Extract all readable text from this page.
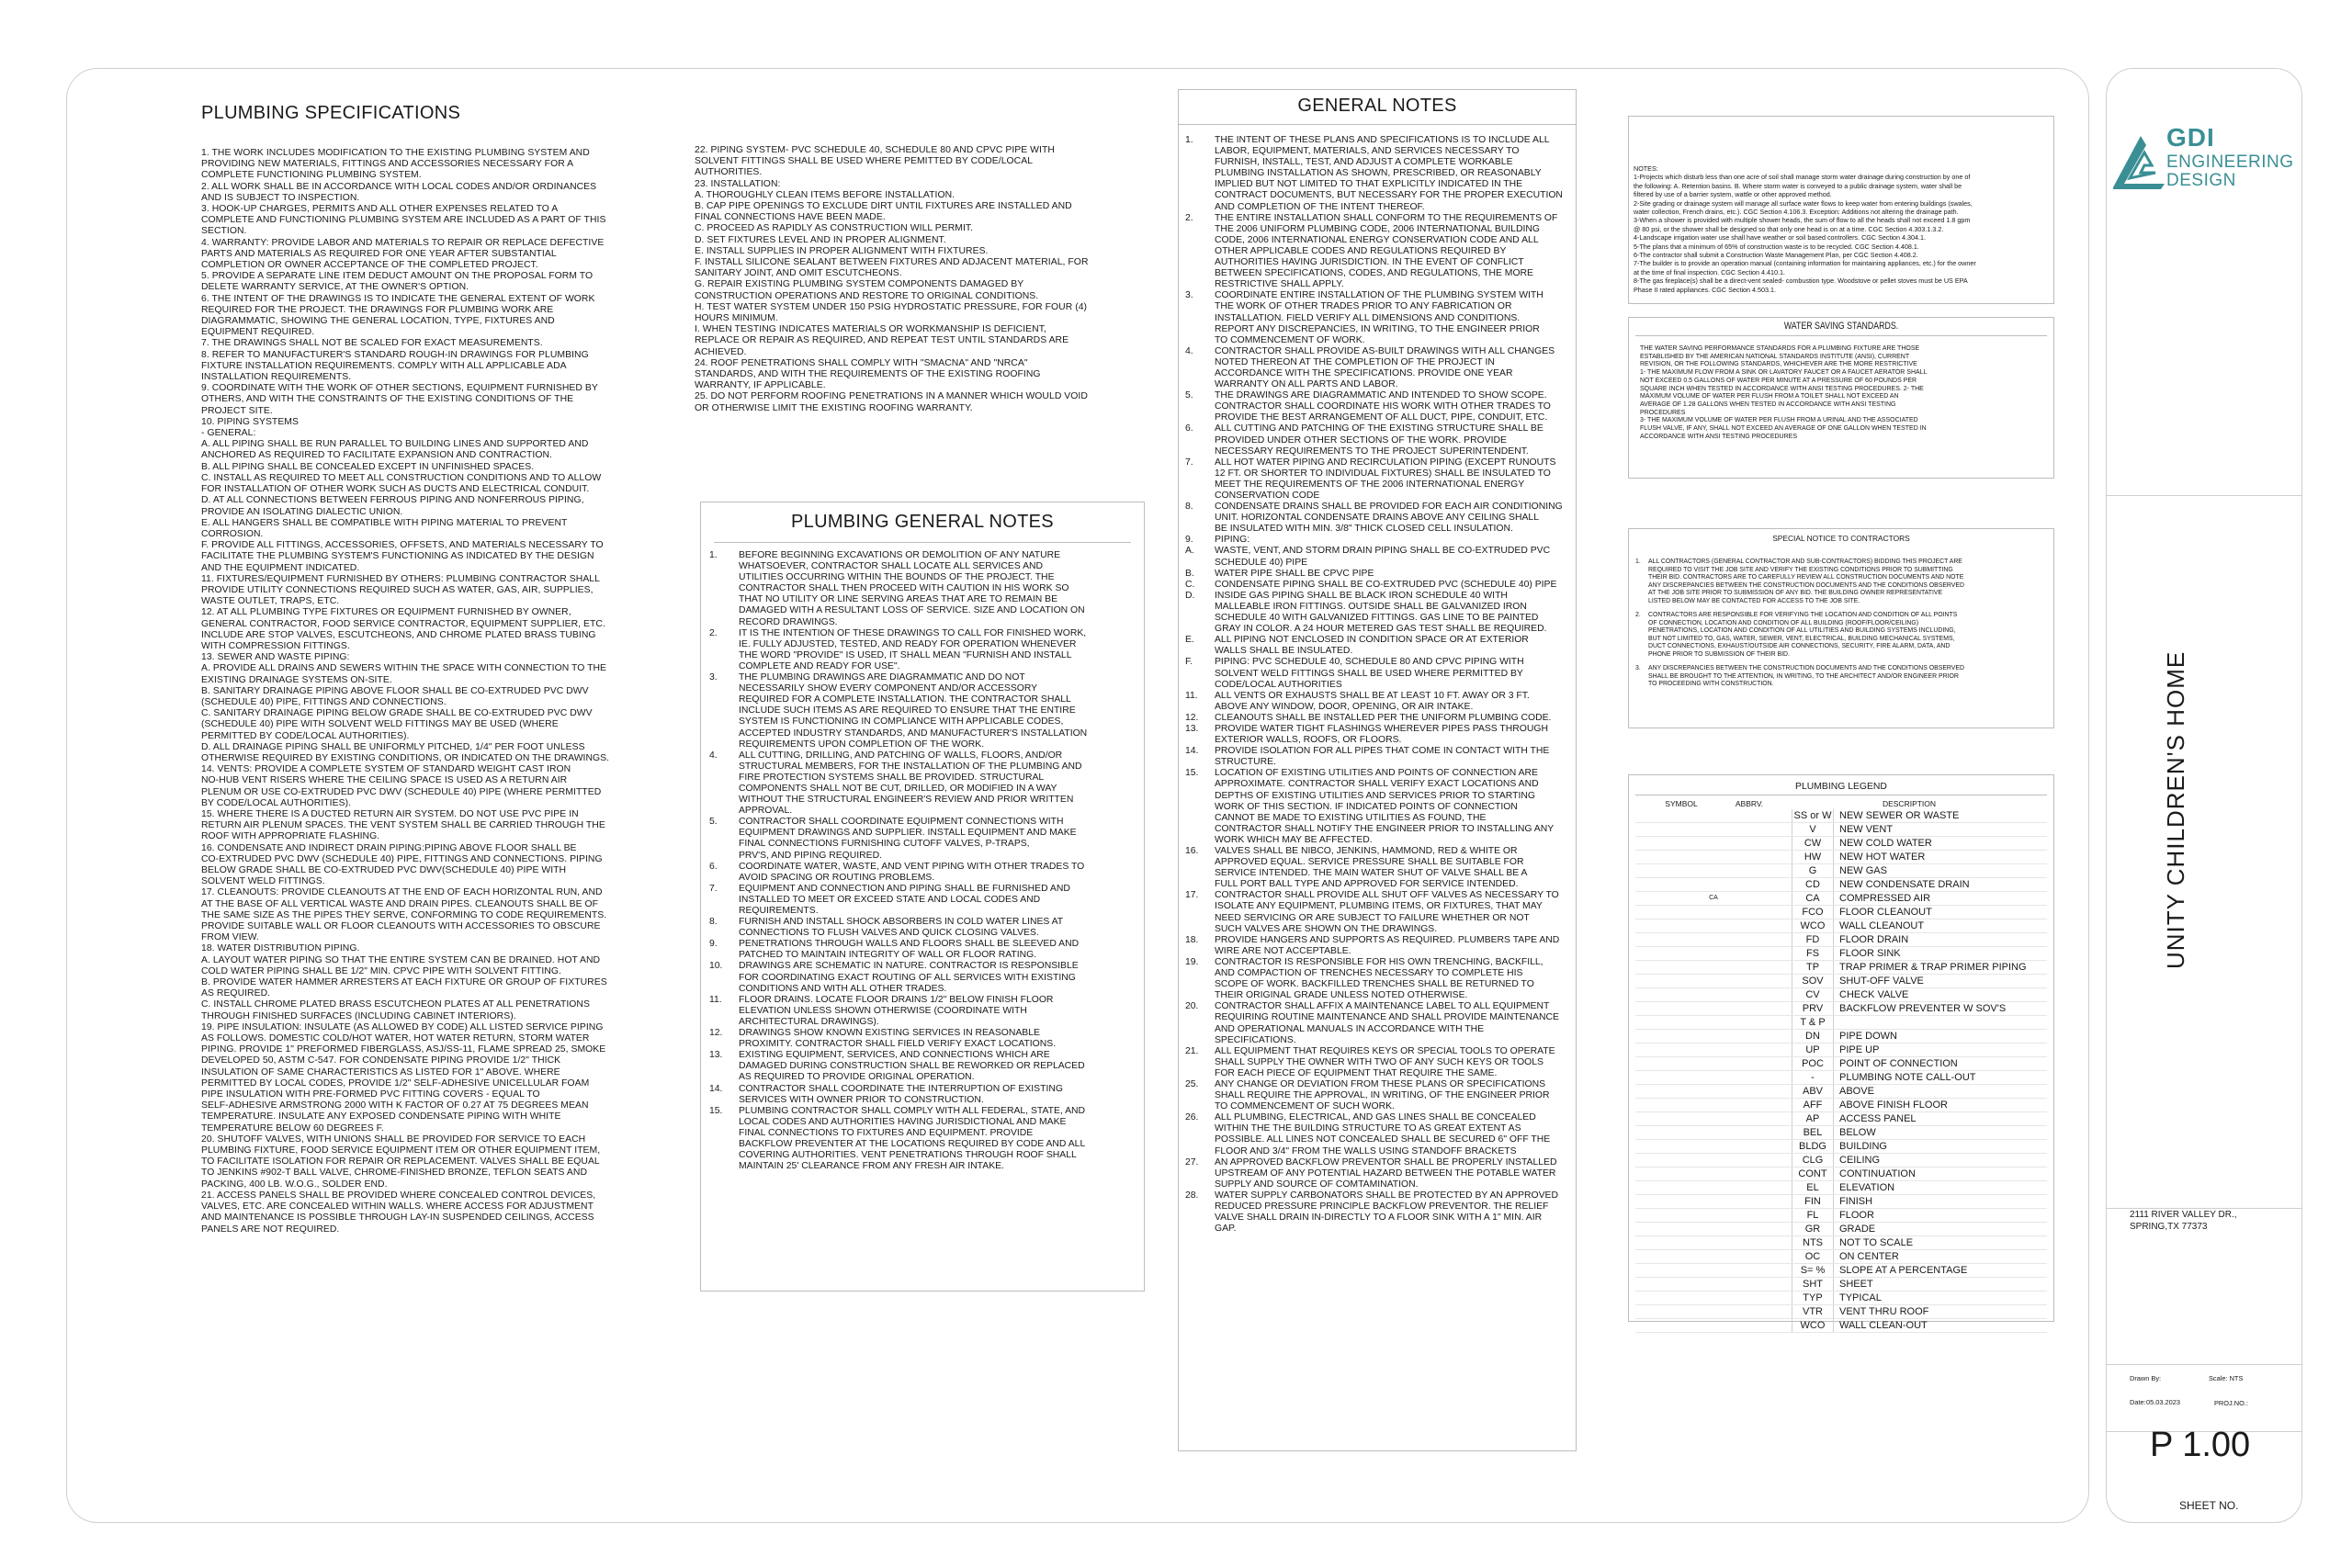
PLUMBING SPECIFICATIONS

1. THE WORK INCLUDES MODIFICATION TO THE EXISTING PLUMBING SYSTEM AND

PROVIDING NEW MATERIALS, FITTINGS AND ACCESSORIES NECESSARY FOR A

COMPLETE FUNCTIONING PLUMBING SYSTEM.

2. ALL WORK SHALL BE IN ACCORDANCE WITH LOCAL CODES AND/OR ORDINANCES

AND IS SUBJECT TO INSPECTION.

3. HOOK-UP CHARGES, PERMITS AND ALL OTHER EXPENSES RELATED TO A

COMPLETE AND FUNCTIONING PLUMBING SYSTEM ARE INCLUDED AS A PART OF THIS

SECTION.

4. WARRANTY: PROVIDE LABOR AND MATERIALS TO REPAIR OR REPLACE DEFECTIVE

PARTS AND MATERIALS AS REQUIRED FOR ONE YEAR AFTER SUBSTANTIAL

COMPLETION OR OWNER ACCEPTANCE OF THE COMPLETED PROJECT.

5. PROVIDE A SEPARATE LINE ITEM DEDUCT AMOUNT ON THE PROPOSAL FORM TO

DELETE WARRANTY SERVICE, AT THE OWNER'S OPTION.

6. THE INTENT OF THE DRAWINGS IS TO INDICATE THE GENERAL EXTENT OF WORK

REQUIRED FOR THE PROJECT. THE DRAWINGS FOR PLUMBING WORK ARE

DIAGRAMMATIC, SHOWING THE GENERAL LOCATION, TYPE, FIXTURES AND

EQUIPMENT REQUIRED.

7. THE DRAWINGS SHALL NOT BE SCALED FOR EXACT MEASUREMENTS.

8. REFER TO MANUFACTURER'S STANDARD ROUGH-IN DRAWINGS FOR PLUMBING

FIXTURE INSTALLATION REQUIREMENTS. COMPLY WITH ALL APPLICABLE ADA

INSTALLATION REQUIREMENTS.

9. COORDINATE WITH THE WORK OF OTHER SECTIONS, EQUIPMENT FURNISHED BY

OTHERS, AND WITH THE CONSTRAINTS OF THE EXISTING CONDITIONS OF THE

PROJECT SITE.

10. PIPING SYSTEMS

- GENERAL:

A. ALL PIPING SHALL BE RUN PARALLEL TO BUILDING LINES AND SUPPORTED AND

ANCHORED AS REQUIRED TO FACILITATE EXPANSION AND CONTRACTION.

B. ALL PIPING SHALL BE CONCEALED EXCEPT IN UNFINISHED SPACES.

C. INSTALL AS REQUIRED TO MEET ALL CONSTRUCTION CONDITIONS AND TO ALLOW

FOR INSTALLATION OF OTHER WORK SUCH AS DUCTS AND ELECTRICAL CONDUIT.

D. AT ALL CONNECTIONS BETWEEN FERROUS PIPING AND NONFERROUS PIPING,

PROVIDE AN ISOLATING DIALECTIC UNION.

E. ALL HANGERS SHALL BE COMPATIBLE WITH PIPING MATERIAL TO PREVENT

CORROSION.

F. PROVIDE ALL FITTINGS, ACCESSORIES, OFFSETS, AND MATERIALS NECESSARY TO

FACILITATE THE PLUMBING SYSTEM'S FUNCTIONING AS INDICATED BY THE DESIGN

AND THE EQUIPMENT INDICATED.

11. FIXTURES/EQUIPMENT FURNISHED BY OTHERS: PLUMBING CONTRACTOR SHALL

PROVIDE UTILITY CONNECTIONS REQUIRED SUCH AS WATER, GAS, AIR, SUPPLIES,

WASTE OUTLET, TRAPS, ETC.

12. AT ALL PLUMBING TYPE FIXTURES OR EQUIPMENT FURNISHED BY OWNER,

GENERAL CONTRACTOR, FOOD SERVICE CONTRACTOR, EQUIPMENT SUPPLIER, ETC.

INCLUDE ARE STOP VALVES, ESCUTCHEONS, AND CHROME PLATED BRASS TUBING

WITH COMPRESSION FITTINGS.

13. SEWER AND WASTE PIPING:

A. PROVIDE ALL DRAINS AND SEWERS WITHIN THE SPACE WITH CONNECTION TO THE

EXISTING DRAINAGE SYSTEMS ON-SITE.

B. SANITARY DRAINAGE PIPING ABOVE FLOOR SHALL BE CO-EXTRUDED PVC DWV

(SCHEDULE 40) PIPE, FITTINGS AND CONNECTIONS.

C. SANITARY DRAINAGE PIPING BELOW GRADE SHALL BE CO-EXTRUDED PVC DWV

(SCHEDULE 40) PIPE WITH SOLVENT WELD FITTINGS MAY BE USED (WHERE

PERMITTED BY CODE/LOCAL AUTHORITIES).

D. ALL DRAINAGE PIPING SHALL BE UNIFORMLY PITCHED, 1/4" PER FOOT UNLESS

OTHERWISE REQUIRED BY EXISTING CONDITIONS, OR INDICATED ON THE DRAWINGS.

14. VENTS: PROVIDE A COMPLETE SYSTEM OF STANDARD WEIGHT CAST IRON

NO-HUB VENT RISERS WHERE THE CEILING SPACE IS USED AS A RETURN AIR

PLENUM OR USE CO-EXTRUDED PVC DWV (SCHEDULE 40) PIPE (WHERE PERMITTED

BY CODE/LOCAL AUTHORITIES).

15. WHERE THERE IS A DUCTED RETURN AIR SYSTEM. DO NOT USE PVC PIPE IN

RETURN AIR PLENUM SPACES. THE VENT SYSTEM SHALL BE CARRIED THROUGH THE

ROOF WITH APPROPRIATE FLASHING.

16. CONDENSATE AND INDIRECT DRAIN PIPING:PIPING ABOVE FLOOR SHALL BE

CO-EXTRUDED PVC DWV (SCHEDULE 40) PIPE, FITTINGS AND CONNECTIONS. PIPING

BELOW GRADE SHALL BE CO-EXTRUDED PVC DWV(SCHEDULE 40) PIPE WITH

SOLVENT WELD FITTINGS.

17. CLEANOUTS: PROVIDE CLEANOUTS AT THE END OF EACH HORIZONTAL RUN, AND

AT THE BASE OF ALL VERTICAL WASTE AND DRAIN PIPES. CLEANOUTS SHALL BE OF

THE SAME SIZE AS THE PIPES THEY SERVE, CONFORMING TO CODE REQUIREMENTS.

PROVIDE SUITABLE WALL OR FLOOR CLEANOUTS WITH ACCESSORIES TO OBSCURE

FROM VIEW.

18. WATER DISTRIBUTION PIPING.

A. LAYOUT WATER PIPING SO THAT THE ENTIRE SYSTEM CAN BE DRAINED. HOT AND

COLD WATER PIPING SHALL BE 1/2" MIN. CPVC PIPE WITH SOLVENT FITTING.

B. PROVIDE WATER HAMMER ARRESTERS AT EACH FIXTURE OR GROUP OF FIXTURES

AS REQUIRED.

C. INSTALL CHROME PLATED BRASS ESCUTCHEON PLATES AT ALL PENETRATIONS

THROUGH FINISHED SURFACES (INCLUDING CABINET INTERIORS).

19. PIPE INSULATION: INSULATE (AS ALLOWED BY CODE) ALL LISTED SERVICE PIPING

AS FOLLOWS. DOMESTIC COLD/HOT WATER, HOT WATER RETURN, STORM WATER

PIPING. PROVIDE 1" PREFORMED FIBERGLASS, ASJ/SS-11, FLAME SPREAD 25, SMOKE

DEVELOPED 50, ASTM C-547. FOR CONDENSATE PIPING PROVIDE 1/2" THICK

INSULATION OF SAME CHARACTERISTICS AS LISTED FOR 1" ABOVE. WHERE

PERMITTED BY LOCAL CODES, PROVIDE 1/2" SELF-ADHESIVE UNICELLULAR FOAM

PIPE INSULATION WITH PRE-FORMED PVC FITTING COVERS - EQUAL TO

SELF-ADHESIVE ARMSTRONG 2000 WITH K FACTOR OF 0.27 AT 75 DEGREES MEAN

TEMPERATURE. INSULATE ANY EXPOSED CONDENSATE PIPING WITH WHITE

TEMPERATURE BELOW 60 DEGREES F.

20. SHUTOFF VALVES, WITH UNIONS SHALL BE PROVIDED FOR SERVICE TO EACH

PLUMBING FIXTURE, FOOD SERVICE EQUIPMENT ITEM OR OTHER EQUIPMENT ITEM,

TO FACILITATE ISOLATION FOR REPAIR OR REPLACEMENT. VALVES SHALL BE EQUAL

TO JENKINS #902-T BALL VALVE, CHROME-FINISHED BRONZE, TEFLON SEATS AND

PACKING, 400 LB. W.O.G., SOLDER END.

21. ACCESS PANELS SHALL BE PROVIDED WHERE CONCEALED CONTROL DEVICES,

VALVES, ETC. ARE CONCEALED WITHIN WALLS. WHERE ACCESS FOR ADJUSTMENT

AND MAINTENANCE IS POSSIBLE THROUGH LAY-IN SUSPENDED CEILINGS, ACCESS

PANELS ARE NOT REQUIRED.

22. PIPING SYSTEM- PVC SCHEDULE 40, SCHEDULE 80 AND CPVC PIPE WITH

SOLVENT FITTINGS SHALL BE USED WHERE PEMITTED BY CODE/LOCAL

AUTHORITIES.

23. INSTALLATION:

A. THOROUGHLY CLEAN ITEMS BEFORE INSTALLATION.

B. CAP PIPE OPENINGS TO EXCLUDE DIRT UNTIL FIXTURES ARE INSTALLED AND

FINAL CONNECTIONS HAVE BEEN MADE.

C. PROCEED AS RAPIDLY AS CONSTRUCTION WILL PERMIT.

D. SET FIXTURES LEVEL AND IN PROPER ALIGNMENT.

E. INSTALL SUPPLIES IN PROPER ALIGNMENT WITH FIXTURES.

F. INSTALL SILICONE SEALANT BETWEEN FIXTURES AND ADJACENT MATERIAL, FOR

SANITARY JOINT, AND OMIT ESCUTCHEONS.

G. REPAIR EXISTING PLUMBING SYSTEM COMPONENTS DAMAGED BY

CONSTRUCTION OPERATIONS AND RESTORE TO ORIGINAL CONDITIONS.

H. TEST WATER SYSTEM UNDER 150 PSIG HYDROSTATIC PRESSURE, FOR FOUR (4)

HOURS MINIMUM.

I. WHEN TESTING INDICATES MATERIALS OR WORKMANSHIP IS DEFICIENT,

REPLACE OR REPAIR AS REQUIRED, AND REPEAT TEST UNTIL STANDARDS ARE

ACHIEVED.

24. ROOF PENETRATIONS SHALL COMPLY WITH "SMACNA" AND "NRCA"

STANDARDS, AND WITH THE REQUIREMENTS OF THE EXISTING ROOFING

WARRANTY, IF APPLICABLE.

25. DO NOT PERFORM ROOFING PENETRATIONS IN A MANNER WHICH WOULD VOID

OR OTHERWISE LIMIT THE EXISTING ROOFING WARRANTY.

PLUMBING GENERAL NOTES
1.	BEFORE BEGINNING EXCAVATIONS OR DEMOLITION OF ANY NATURE
WHATSOEVER, CONTRACTOR SHALL LOCATE ALL SERVICES AND
UTILITIES OCCURRING WITHIN THE BOUNDS OF THE PROJECT. THE
CONTRACTOR SHALL THEN PROCEED WITH CAUTION IN HIS WORK SO
THAT NO UTILITY OR LINE SERVING AREAS THAT ARE TO REMAIN BE
DAMAGED WITH A RESULTANT LOSS OF SERVICE. SIZE AND LOCATION ON
RECORD DRAWINGS.
2.	IT IS THE INTENTION OF THESE DRAWINGS TO CALL FOR FINISHED WORK,
IE. FULLY ADJUSTED, TESTED, AND READY FOR OPERATION WHENEVER
THE WORD "PROVIDE" IS USED, IT SHALL MEAN "FURNISH AND INSTALL
COMPLETE AND READY FOR USE".
3.	THE PLUMBING DRAWINGS ARE DIAGRAMMATIC AND DO NOT
NECESSARILY SHOW EVERY COMPONENT AND/OR ACCESSORY
REQUIRED FOR A COMPLETE INSTALLATION. THE CONTRACTOR SHALL
INCLUDE SUCH ITEMS AS ARE REQUIRED TO ENSURE THAT THE ENTIRE
SYSTEM IS FUNCTIONING IN COMPLIANCE WITH APPLICABLE CODES,
ACCEPTED INDUSTRY STANDARDS, AND MANUFACTURER'S INSTALLATION
REQUIREMENTS UPON COMPLETION OF THE WORK.
4.	ALL CUTTING, DRILLING, AND PATCHING OF WALLS, FLOORS, AND/OR
STRUCTURAL MEMBERS, FOR THE INSTALLATION OF THE PLUMBING AND
FIRE PROTECTION SYSTEMS SHALL BE PROVIDED. STRUCTURAL
COMPONENTS SHALL NOT BE CUT, DRILLED, OR MODIFIED IN A WAY
WITHOUT THE STRUCTURAL ENGINEER'S REVIEW AND PRIOR WRITTEN
APPROVAL.
5.	CONTRACTOR SHALL COORDINATE EQUIPMENT CONNECTIONS WITH
EQUIPMENT DRAWINGS AND SUPPLIER. INSTALL EQUIPMENT AND MAKE
FINAL CONNECTIONS FURNISHING CUTOFF VALVES, P-TRAPS,
PRV'S, AND PIPING REQUIRED.
6.	COORDINATE WATER, WASTE, AND VENT PIPING WITH OTHER TRADES TO
AVOID SPACING OR ROUTING PROBLEMS.
7.	EQUIPMENT AND CONNECTION AND PIPING SHALL BE FURNISHED AND
INSTALLED TO MEET OR EXCEED STATE AND LOCAL CODES AND
REQUIREMENTS.
8.	FURNISH AND INSTALL SHOCK ABSORBERS IN COLD WATER LINES AT
CONNECTIONS TO FLUSH VALVES AND QUICK CLOSING VALVES.
9.	PENETRATIONS THROUGH WALLS AND FLOORS SHALL BE SLEEVED AND
PATCHED TO MAINTAIN INTEGRITY OF WALL OR FLOOR RATING.
10.	DRAWINGS ARE SCHEMATIC IN NATURE. CONTRACTOR IS RESPONSIBLE
FOR COORDINATING EXACT ROUTING OF ALL SERVICES WITH EXISTING
CONDITIONS AND WITH ALL OTHER TRADES.
11.	FLOOR DRAINS. LOCATE FLOOR DRAINS 1/2" BELOW FINISH FLOOR
ELEVATION UNLESS SHOWN OTHERWISE (COORDINATE WITH
ARCHITECTURAL DRAWINGS).
12.	DRAWINGS SHOW KNOWN EXISTING SERVICES IN REASONABLE
PROXIMITY. CONTRACTOR SHALL FIELD VERIFY EXACT LOCATIONS.
13.	EXISTING EQUIPMENT, SERVICES, AND CONNECTIONS WHICH ARE
DAMAGED DURING CONSTRUCTION SHALL BE REWORKED OR REPLACED
AS REQUIRED TO PROVIDE ORIGINAL OPERATION.
14.	CONTRACTOR SHALL COORDINATE THE INTERRUPTION OF EXISTING
SERVICES WITH OWNER PRIOR TO CONSTRUCTION.
15.	PLUMBING CONTRACTOR SHALL COMPLY WITH ALL FEDERAL, STATE, AND
LOCAL CODES AND AUTHORITIES HAVING JURISDICTIONAL AND MAKE
FINAL CONNECTIONS TO FIXTURES AND EQUIPMENT. PROVIDE
BACKFLOW PREVENTER AT THE LOCATIONS REQUIRED BY CODE AND ALL
COVERING AUTHORITIES. VENT PENETRATIONS THROUGH ROOF SHALL
MAINTAIN 25' CLEARANCE FROM ANY FRESH AIR INTAKE.
GENERAL NOTES
1.	THE INTENT OF THESE PLANS AND SPECIFICATIONS IS TO INCLUDE ALL
LABOR, EQUIPMENT, MATERIALS, AND SERVICES NECESSARY TO
FURNISH, INSTALL, TEST, AND ADJUST A COMPLETE WORKABLE
PLUMBING INSTALLATION AS SHOWN, PRESCRIBED, OR REASONABLY
IMPLIED BUT NOT LIMITED TO THAT EXPLICITLY INDICATED IN THE
CONTRACT DOCUMENTS, BUT NECESSARY FOR THE PROPER EXECUTION
AND COMPLETION OF THE INTENT THEREOF.
2.	THE ENTIRE INSTALLATION SHALL CONFORM TO THE REQUIREMENTS OF
THE 2006 UNIFORM PLUMBING CODE, 2006 INTERNATIONAL BUILDING
CODE, 2006 INTERNATIONAL ENERGY CONSERVATION CODE AND ALL
OTHER APPLICABLE CODES AND REGULATIONS REQUIRED BY
AUTHORITIES HAVING JURISDICTION. IN THE EVENT OF CONFLICT
BETWEEN SPECIFICATIONS, CODES, AND REGULATIONS, THE MORE
RESTRICTIVE SHALL APPLY.
3.	COORDINATE ENTIRE INSTALLATION OF THE PLUMBING SYSTEM WITH
THE WORK OF OTHER TRADES PRIOR TO ANY FABRICATION OR
INSTALLATION. FIELD VERIFY ALL DIMENSIONS AND CONDITIONS.
REPORT ANY DISCREPANCIES, IN WRITING, TO THE ENGINEER PRIOR
TO COMMENCEMENT OF WORK.
4.	CONTRACTOR SHALL PROVIDE AS-BUILT DRAWINGS WITH ALL CHANGES
NOTED THEREON AT THE COMPLETION OF THE PROJECT IN
ACCORDANCE WITH THE SPECIFICATIONS. PROVIDE ONE YEAR
WARRANTY ON ALL PARTS AND LABOR.
5.	THE DRAWINGS ARE DIAGRAMMATIC AND INTENDED TO SHOW SCOPE.
CONTRACTOR SHALL COORDINATE HIS WORK WITH OTHER TRADES TO
PROVIDE THE BEST ARRANGEMENT OF ALL DUCT, PIPE, CONDUIT, ETC.
6.	ALL CUTTING AND PATCHING OF THE EXISTING STRUCTURE SHALL BE
PROVIDED UNDER OTHER SECTIONS OF THE WORK. PROVIDE
NECESSARY REQUIREMENTS TO THE PROJECT SUPERINTENDENT.
7.	ALL HOT WATER PIPING AND RECIRCULATION PIPING (EXCEPT RUNOUTS
12 FT. OR SHORTER TO INDIVIDUAL FIXTURES) SHALL BE INSULATED TO
MEET THE REQUIREMENTS OF THE 2006 INTERNATIONAL ENERGY
CONSERVATION CODE
8.	CONDENSATE DRAINS SHALL BE PROVIDED FOR EACH AIR CONDITIONING
UNIT. HORIZONTAL CONDENSATE DRAINS ABOVE ANY CEILING SHALL
BE INSULATED WITH MIN. 3/8" THICK CLOSED CELL INSULATION.
9.	PIPING:
A.	WASTE, VENT, AND STORM DRAIN PIPING SHALL BE CO-EXTRUDED PVC
SCHEDULE 40) PIPE
B.	WATER PIPE SHALL BE CPVC PIPE
C.	CONDENSATE PIPING SHALL BE CO-EXTRUDED PVC (SCHEDULE 40) PIPE
D.	INSIDE GAS PIPING SHALL BE BLACK IRON SCHEDULE 40 WITH
MALLEABLE IRON FITTINGS. OUTSIDE SHALL BE GALVANIZED IRON
SCHEDULE 40 WITH GALVANIZED FITTINGS. GAS LINE TO BE PAINTED
GRAY IN COLOR. A 24 HOUR METERED GAS TEST SHALL BE REQUIRED.
E.	ALL PIPING NOT ENCLOSED IN CONDITION SPACE OR AT EXTERIOR
WALLS SHALL BE INSULATED.
F.	PIPING: PVC SCHEDULE 40, SCHEDULE 80 AND CPVC PIPING WITH
SOLVENT WELD FITTINGS SHALL BE USED WHERE PERMITTED BY
CODE/LOCAL AUTHORITIES
11.	ALL VENTS OR EXHAUSTS SHALL BE AT LEAST 10 FT. AWAY OR 3 FT.
ABOVE ANY WINDOW, DOOR, OPENING, OR AIR INTAKE.
12.	CLEANOUTS SHALL BE INSTALLED PER THE UNIFORM PLUMBING CODE.
13.	PROVIDE WATER TIGHT FLASHINGS WHEREVER PIPES PASS THROUGH
EXTERIOR WALLS, ROOFS, OR FLOORS.
14.	PROVIDE ISOLATION FOR ALL PIPES THAT COME IN CONTACT WITH THE
STRUCTURE.
15.	LOCATION OF EXISTING UTILITIES AND POINTS OF CONNECTION ARE
APPROXIMATE. CONTRACTOR SHALL VERIFY EXACT LOCATIONS AND
DEPTHS OF EXISTING UTILITIES AND SERVICES PRIOR TO STARTING
WORK OF THIS SECTION. IF INDICATED POINTS OF CONNECTION
CANNOT BE MADE TO EXISTING UTILITIES AS FOUND, THE
CONTRACTOR SHALL NOTIFY THE ENGINEER PRIOR TO INSTALLING ANY
WORK WHICH MAY BE AFFECTED.
16.	VALVES SHALL BE NIBCO, JENKINS, HAMMOND, RED & WHITE OR
APPROVED EQUAL. SERVICE PRESSURE SHALL BE SUITABLE FOR
SERVICE INTENDED. THE MAIN WATER SHUT OF VALVE SHALL BE A
FULL PORT BALL TYPE AND APPROVED FOR SERVICE INTENDED.
17.	CONTRACTOR SHALL PROVIDE ALL SHUT OFF VALVES AS NECESSARY TO
ISOLATE ANY EQUIPMENT, PLUMBING ITEMS, OR FIXTURES, THAT MAY
NEED SERVICING OR ARE SUBJECT TO FAILURE WHETHER OR NOT
SUCH VALVES ARE SHOWN ON THE DRAWINGS.
18.	PROVIDE HANGERS AND SUPPORTS AS REQUIRED. PLUMBERS TAPE AND
WIRE ARE NOT ACCEPTABLE.
19.	CONTRACTOR IS RESPONSIBLE FOR HIS OWN TRENCHING, BACKFILL,
AND COMPACTION OF TRENCHES NECESSARY TO COMPLETE HIS
SCOPE OF WORK. BACKFILLED TRENCHES SHALL BE RETURNED TO
THEIR ORIGINAL GRADE UNLESS NOTED OTHERWISE.
20.	CONTRACTOR SHALL AFFIX A MAINTENANCE LABEL TO ALL EQUIPMENT
REQUIRING ROUTINE MAINTENANCE AND SHALL PROVIDE MAINTENANCE
AND OPERATIONAL MANUALS IN ACCORDANCE WITH THE
SPECIFICATIONS.
21.	ALL EQUIPMENT THAT REQUIRES KEYS OR SPECIAL TOOLS TO OPERATE
SHALL SUPPLY THE OWNER WITH TWO OF ANY SUCH KEYS OR TOOLS
FOR EACH PIECE OF EQUIPMENT THAT REQUIRE THE SAME.
25.	ANY CHANGE OR DEVIATION FROM THESE PLANS OR SPECIFICATIONS
SHALL REQUIRE THE APPROVAL, IN WRITING, OF THE ENGINEER PRIOR
TO COMMENCEMENT OF SUCH WORK.
26.	ALL PLUMBING, ELECTRICAL, AND GAS LINES SHALL BE CONCEALED
WITHIN THE THE BUILDING STRUCTURE TO AS GREAT EXTENT AS
POSSIBLE. ALL LINES NOT CONCEALED SHALL BE SECURED 6" OFF THE
FLOOR AND 3/4" FROM THE WALLS USING STANDOFF BRACKETS
27.	AN APPROVED BACKFLOW PREVENTOR SHALL BE PROPERLY INSTALLED
UPSTREAM OF ANY POTENTIAL HAZARD BETWEEN THE POTABLE WATER
SUPPLY AND SOURCE OF COMTAMINATION.
28.	WATER SUPPLY CARBONATORS SHALL BE PROTECTED BY AN APPROVED
REDUCED PRESSURE PRINCIPLE BACKFLOW PREVENTOR. THE RELIEF
VALVE SHALL DRAIN IN-DIRECTLY TO A FLOOR SINK WITH A 1" MIN. AIR
GAP.

NOTES:

1-Projects which disturb less than one acre of soil shall manage storm water drainage during construction by one of

the following: A. Retention basins. B. Where storm water is conveyed to a public drainage system, water shall be

filtered by use of a barrier system, wattle or other approved method.

2-Site grading or drainage system will manage all surface water flows to keep water from entering buildings (swales,

water collection, French drains, etc.). CGC Section 4.106.3. Exception: Additions not altering the drainage path.

3-When a shower is provided with multiple shower heads, the sum of flow to all the heads shall not exceed 1.8 gpm

@ 80 psi, or the shower shall be designed so that only one head is on at a time. CGC Section 4.303.1.3.2.

4-Landscape irrigation water use shall have weather or soil based controllers. CGC Section 4.304.1.

5-The plans that a minimum of 65% of construction waste is to be recycled. CGC Section 4.408.1.

6-The contractor shall submit a Construction Waste Management Plan, per CGC Section 4.408.2.

7-The builder is to provide an operation manual (containing information for maintaining appliances, etc.) for the owner

at the time of final inspection. CGC Section 4.410.1.

8-The gas fireplace(s) shall be a direct-vent sealed- combustion type. Woodstove or pellet stoves must be US EPA

Phase II rated appliances. CGC Section 4.503.1.

WATER SAVING STANDARDS.

THE WATER SAVING PERFORMANCE STANDARDS FOR A PLUMBING FIXTURE ARE THOSE

ESTABLISHED BY THE AMERICAN NATIONAL STANDARDS INSTITUTE (ANSI), CURRENT

REVISION, OR THE FOLLOWING STANDARDS, WHICHEVER ARE THE MORE RESTRICTIVE

1- THE MAXIMUM FLOW FROM A SINK OR LAVATORY FAUCET OR A FAUCET AERATOR SHALL

NOT EXCEED 0.5 GALLONS OF WATER PER MINUTE AT A PRESSURE OF 60 POUNDS PER

SQUARE INCH WHEN TESTED IN ACCORDANCE WITH ANSI TESTING PROCEDURES. 2- THE

MAXIMUM VOLUME OF WATER PER FLUSH FROM A TOILET SHALL NOT EXCEED AN

AVERAGE OF 1.28 GALLONS WHEN TESTED IN ACCORDANCE WITH ANSI TESTING

PROCEDURES

3- THE MAXIMUM VOLUME OF WATER PER FLUSH FROM A URINAL AND THE ASSOCIATED

FLUSH VALVE, IF ANY, SHALL NOT EXCEED AN AVERAGE OF ONE GALLON WHEN TESTED IN

ACCORDANCE WITH ANSI TESTING PROCEDURES

SPECIAL NOTICE TO CONTRACTORS
1.	ALL CONTRACTORS (GENERAL CONTRACTOR AND SUB-CONTRACTORS) BIDDING THIS PROJECT ARE
REQUIRED TO VISIT THE JOB SITE AND VERIFY THE EXISTING CONDITIONS PRIOR TO SUBMITTING
THEIR BID. CONTRACTORS ARE TO CAREFULLY REVIEW ALL CONSTRUCTION DOCUMENTS AND NOTE
ANY DISCREPANCIES BETWEEN THE CONSTRUCTION DOCUMENTS AND THE CONDITIONS OBSERVED
AT THE JOB SITE PRIOR TO SUBMISSION OF ANY BID. THE BUILDING OWNER REPRESENTATIVE
LISTED BELOW MAY BE CONTACTED FOR ACCESS TO THE JOB SITE.
2.	CONTRACTORS ARE RESPONSIBLE FOR VERIFYING THE LOCATION AND CONDITION OF ALL POINTS
OF CONNECTION, LOCATION AND CONDITION OF ALL BUILDING (ROOF/FLOOR/CEILING)
PENETRATIONS, LOCATION AND CONDITION OF ALL UTILITIES AND BUILDING SYSTEMS INCLUDING,
BUT NOT LIMITED TO, GAS, WATER, SEWER, VENT, ELECTRICAL, BUILDING MECHANICAL SYSTEMS,
DUCT CONNECTIONS, EXHAUST/OUTSIDE AIR CONNECTIONS, SECURITY, FIRE ALARM, DATA, AND
PHONE PRIOR TO SUBMISSION OF THEIR BID.
3.	ANY DISCREPANCIES BETWEEN THE CONSTRUCTION DOCUMENTS AND THE CONDITIONS OBSERVED
SHALL BE BROUGHT TO THE ATTENTION, IN WRITING, TO THE ARCHITECT AND/OR ENGINEER PRIOR
TO PROCEEDING WITH CONSTRUCTION.
PLUMBING LEGEND
SYMBOL	ABBRV.	DESCRIPTION
SS or W NEW SEWER OR WASTE
V	NEW VENT
CW	NEW COLD WATER
HW	NEW HOT WATER
G	NEW GAS
CD	NEW CONDENSATE DRAIN
CA	CA	COMPRESSED AIR
FCO	FLOOR CLEANOUT
WCO	WALL CLEANOUT
FD	FLOOR DRAIN
FS	FLOOR SINK
TP	TRAP PRIMER & TRAP PRIMER PIPING
SOV	SHUT-OFF VALVE
CV	CHECK VALVE
PRV	BACKFLOW PREVENTER W SOV'S
T & P
DN	PIPE DOWN
UP	PIPE UP
POC	POINT OF CONNECTION
-	PLUMBING NOTE CALL-OUT
ABV	ABOVE
AFF	ABOVE FINISH FLOOR
AP	ACCESS PANEL
BEL	BELOW
BLDG	BUILDING
CLG	CEILING
CONT	CONTINUATION
EL	ELEVATION
FIN	FINISH
FL	FLOOR
GR	GRADE
NTS	NOT TO SCALE
OC	ON CENTER
S= %	SLOPE AT A PERCENTAGE
SHT	SHEET
TYP	TYPICAL
VTR	VENT THRU ROOF
WCO	WALL CLEAN-OUT
GDI
ENGINEERING
DESIGN
UNITY CHILDREN'S HOME
2111 RIVER VALLEY DR.,
SPRING,TX 77373
Drawn By:	Scale: NTS
Date: 05.03.2023	PROJ.NO.:
P 1.00
SHEET NO.
